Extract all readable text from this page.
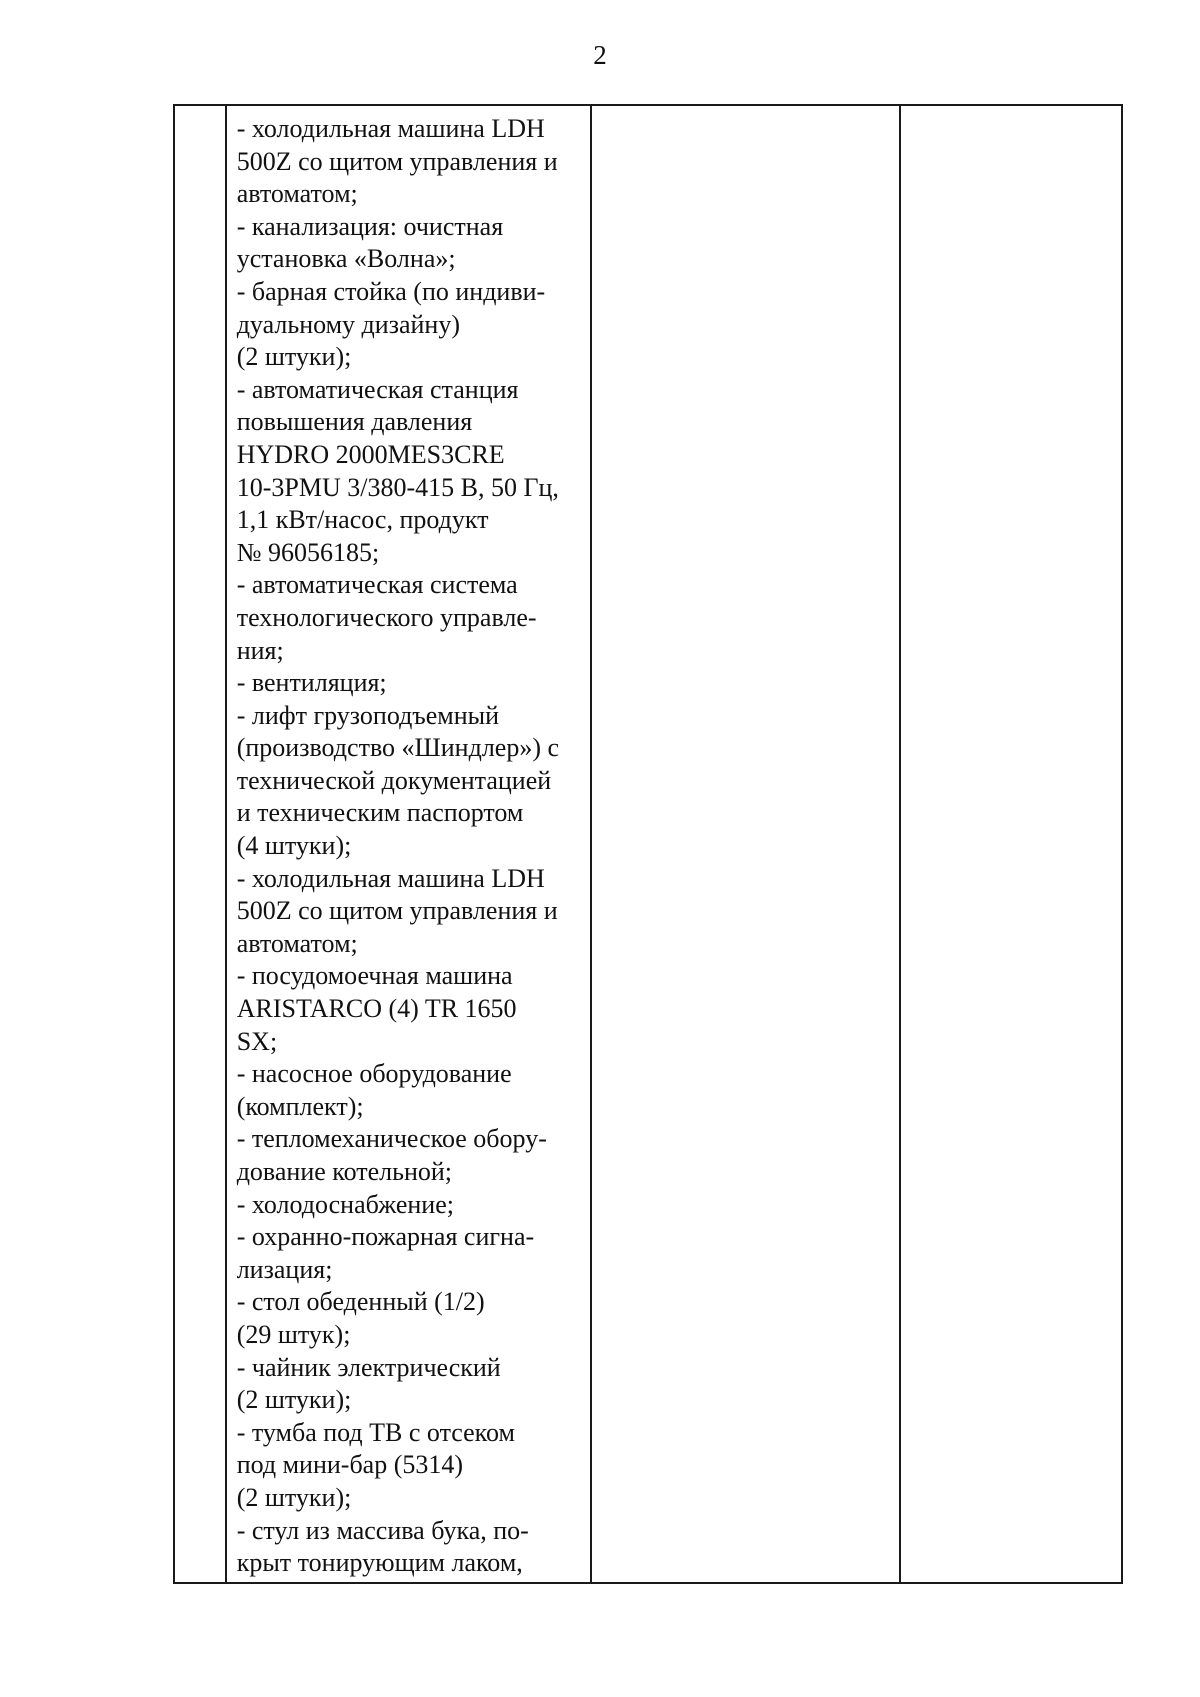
2

- холодильная машина LDH
500Z со щитом управления и
автоматом;
- канализация: очистная
установка «Волна»;
- барная стойка (по индиви-
дуальному дизайну)
(2 штуки);
- автоматическая станция
повышения давления
HYDRO 2000MES3CRE
10-3PMU 3/380-415 В, 50 Гц,
1,1 кВт/насос, продукт
№ 96056185;
- автоматическая система
технологического управле-
ния;
- вентиляция;
- лифт грузоподъемный
(производство «Шиндлер») с
технической документацией
и техническим паспортом
(4 штуки);
- холодильная машина LDH
500Z со щитом управления и
автоматом;
- посудомоечная машина
ARISTARCO (4) TR 1650
SX;
- насосное оборудование
(комплект);
- тепломеханическое обору-
дование котельной;
- холодоснабжение;
- охранно-пожарная сигна-
лизация;
- стол обеденный (1/2)
(29 штук);
- чайник электрический
(2 штуки);
- тумба под ТВ с отсеком
под мини-бар (5314)
(2 штуки);
- стул из массива бука, по-
крыт тонирующим лаком,
